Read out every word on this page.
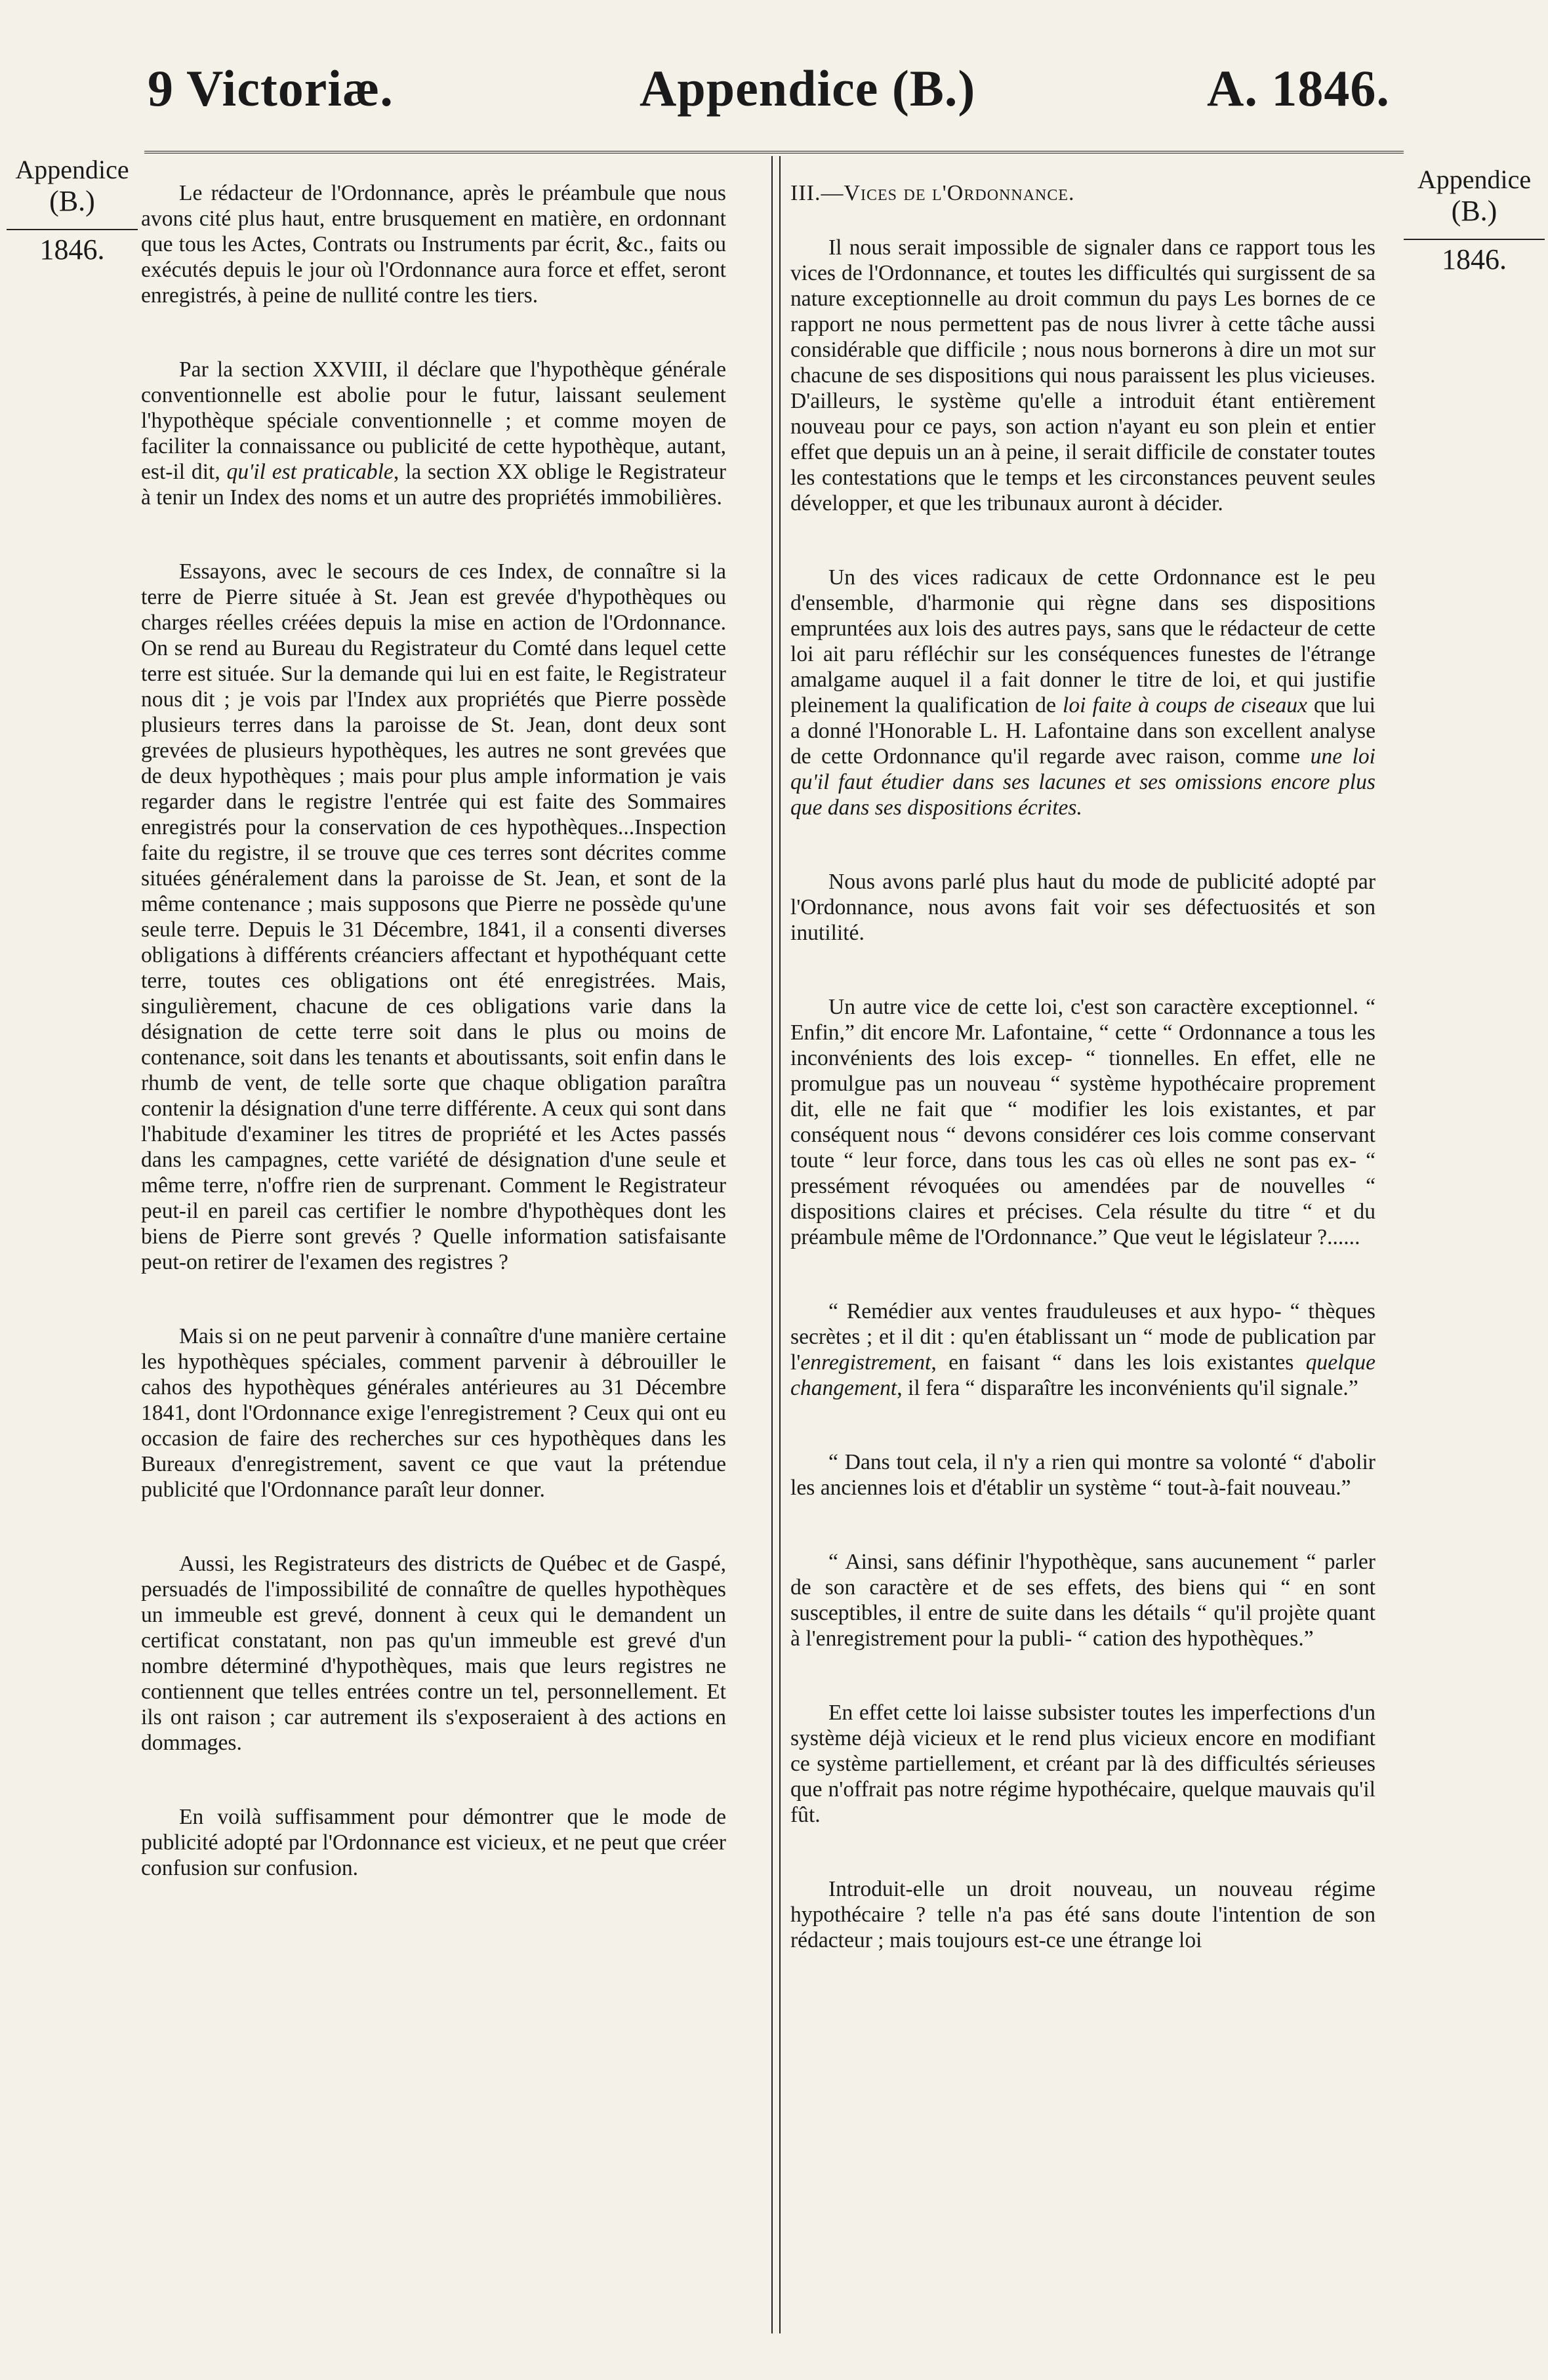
9 Victoriæ.	Appendice (B.)	A. 1846.
Appendice
(B.)
1846.
Appendice
(B.)
1846.

Le rédacteur de l'Ordonnance, après le préambule que nous avons cité plus haut, entre brusquement en matière, en ordonnant que tous les Actes, Contrats ou Instruments par écrit, &c., faits ou exécutés depuis le jour où l'Ordonnance aura force et effet, seront enregistrés, à peine de nullité contre les tiers.

Par la section XXVIII, il déclare que l'hypothèque générale conventionnelle est abolie pour le futur, laissant seulement l'hypothèque spéciale conventionnelle ; et comme moyen de faciliter la connaissance ou publicité de cette hypothèque, autant, est-il dit, qu'il est praticable, la section XX oblige le Registrateur à tenir un Index des noms et un autre des propriétés immobilières.

Essayons, avec le secours de ces Index, de connaître si la terre de Pierre située à St. Jean est grevée d'hypothèques ou charges réelles créées depuis la mise en action de l'Ordonnance. On se rend au Bureau du Registrateur du Comté dans lequel cette terre est située. Sur la demande qui lui en est faite, le Registrateur nous dit ; je vois par l'Index aux propriétés que Pierre possède plusieurs terres dans la paroisse de St. Jean, dont deux sont grevées de plusieurs hypothèques, les autres ne sont grevées que de deux hypothèques ; mais pour plus ample information je vais regarder dans le registre l'entrée qui est faite des Sommaires enregistrés pour la conservation de ces hypothèques...Inspection faite du registre, il se trouve que ces terres sont décrites comme situées généralement dans la paroisse de St. Jean, et sont de la même contenance ; mais supposons que Pierre ne possède qu'une seule terre. Depuis le 31 Décembre, 1841, il a consenti diverses obligations à différents créanciers affectant et hypothéquant cette terre, toutes ces obligations ont été enregistrées. Mais, singulièrement, chacune de ces obligations varie dans la désignation de cette terre soit dans le plus ou moins de contenance, soit dans les tenants et aboutissants, soit enfin dans le rhumb de vent, de telle sorte que chaque obligation paraîtra contenir la désignation d'une terre différente. A ceux qui sont dans l'habitude d'examiner les titres de propriété et les Actes passés dans les campagnes, cette variété de désignation d'une seule et même terre, n'offre rien de surprenant. Comment le Registrateur peut-il en pareil cas certifier le nombre d'hypothèques dont les biens de Pierre sont grevés ? Quelle information satisfaisante peut-on retirer de l'examen des registres ?

Mais si on ne peut parvenir à connaître d'une manière certaine les hypothèques spéciales, comment parvenir à débrouiller le cahos des hypothèques générales antérieures au 31 Décembre 1841, dont l'Ordonnance exige l'enregistrement ? Ceux qui ont eu occasion de faire des recherches sur ces hypothèques dans les Bureaux d'enregistrement, savent ce que vaut la prétendue publicité que l'Ordonnance paraît leur donner.

Aussi, les Registrateurs des districts de Québec et de Gaspé, persuadés de l'impossibilité de connaître de quelles hypothèques un immeuble est grevé, donnent à ceux qui le demandent un certificat constatant, non pas qu'un immeuble est grevé d'un nombre déterminé d'hypothèques, mais que leurs registres ne contiennent que telles entrées contre un tel, personnellement. Et ils ont raison ; car autrement ils s'exposeraient à des actions en dommages.

En voilà suffisamment pour démontrer que le mode de publicité adopté par l'Ordonnance est vicieux, et ne peut que créer confusion sur confusion.

III.—Vices de l'Ordonnance.

Il nous serait impossible de signaler dans ce rapport tous les vices de l'Ordonnance, et toutes les difficultés qui surgissent de sa nature exceptionnelle au droit commun du pays Les bornes de ce rapport ne nous permettent pas de nous livrer à cette tâche aussi considérable que difficile ; nous nous bornerons à dire un mot sur chacune de ses dispositions qui nous paraissent les plus vicieuses. D'ailleurs, le système qu'elle a introduit étant entièrement nouveau pour ce pays, son action n'ayant eu son plein et entier effet que depuis un an à peine, il serait difficile de constater toutes les contestations que le temps et les circonstances peuvent seules développer, et que les tribunaux auront à décider.

Un des vices radicaux de cette Ordonnance est le peu d'ensemble, d'harmonie qui règne dans ses dispositions empruntées aux lois des autres pays, sans que le rédacteur de cette loi ait paru réfléchir sur les conséquences funestes de l'étrange amalgame auquel il a fait donner le titre de loi, et qui justifie pleinement la qualification de loi faite à coups de ciseaux que lui a donné l'Honorable L. H. Lafontaine dans son excellent analyse de cette Ordonnance qu'il regarde avec raison, comme une loi qu'il faut étudier dans ses lacunes et ses omissions encore plus que dans ses dispositions écrites.

Nous avons parlé plus haut du mode de publicité adopté par l'Ordonnance, nous avons fait voir ses défectuosités et son inutilité.

Un autre vice de cette loi, c'est son caractère exceptionnel. “ Enfin,” dit encore Mr. Lafontaine, “ cette “ Ordonnance a tous les inconvénients des lois excep- “ tionnelles. En effet, elle ne promulgue pas un nouveau “ système hypothécaire proprement dit, elle ne fait que “ modifier les lois existantes, et par conséquent nous “ devons considérer ces lois comme conservant toute “ leur force, dans tous les cas où elles ne sont pas ex- “ pressément révoquées ou amendées par de nouvelles “ dispositions claires et précises. Cela résulte du titre “ et du préambule même de l'Ordonnance.” Que veut le législateur ?......

“ Remédier aux ventes frauduleuses et aux hypo- “ thèques secrètes ; et il dit : qu'en établissant un “ mode de publication par l'enregistrement, en faisant “ dans les lois existantes quelque changement, il fera “ disparaître les inconvénients qu'il signale.”

“ Dans tout cela, il n'y a rien qui montre sa volonté “ d'abolir les anciennes lois et d'établir un système “ tout-à-fait nouveau.”

“ Ainsi, sans définir l'hypothèque, sans aucunement “ parler de son caractère et de ses effets, des biens qui “ en sont susceptibles, il entre de suite dans les détails “ qu'il projète quant à l'enregistrement pour la publi- “ cation des hypothèques.”

En effet cette loi laisse subsister toutes les imperfections d'un système déjà vicieux et le rend plus vicieux encore en modifiant ce système partiellement, et créant par là des difficultés sérieuses que n'offrait pas notre régime hypothécaire, quelque mauvais qu'il fût.

Introduit-elle un droit nouveau, un nouveau régime hypothécaire ? telle n'a pas été sans doute l'intention de son rédacteur ; mais toujours est-ce une étrange loi
